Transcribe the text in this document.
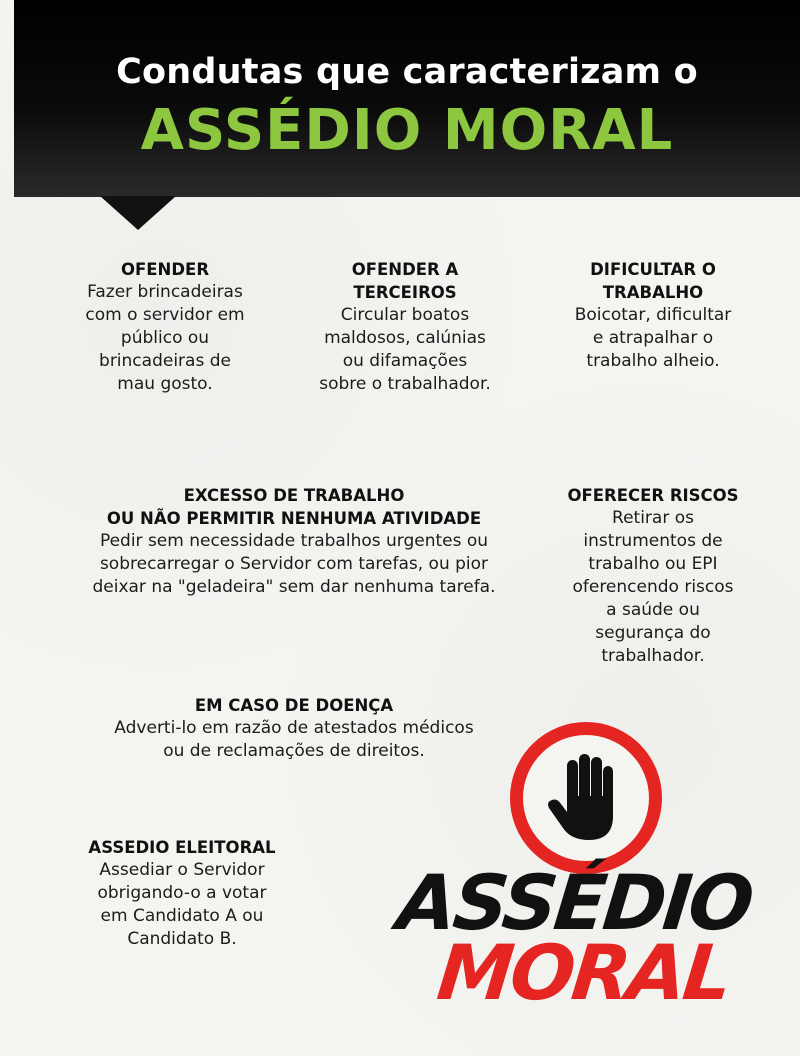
Condutas que caracterizam o
ASSÉDIO MORAL
OFENDER

Fazer brincadeiras
com o servidor em
público ou
brincadeiras de
mau gosto.

OFENDER A
TERCEIROS

Circular boatos
maldosos, calúnias
ou difamações
sobre o trabalhador.

DIFICULTAR O
TRABALHO

Boicotar, dificultar
e atrapalhar o
trabalho alheio.

EXCESSO DE TRABALHO
OU NÃO PERMITIR NENHUMA ATIVIDADE

Pedir sem necessidade trabalhos urgentes ou
sobrecarregar o Servidor com tarefas, ou pior
deixar na "geladeira" sem dar nenhuma tarefa.

OFERECER RISCOS

Retirar os
instrumentos de
trabalho ou EPI
oferencendo riscos
a saúde ou
segurança do
trabalhador.

EM CASO DE DOENÇA

Adverti-lo em razão de atestados médicos
ou de reclamações de direitos.

ASSEDIO ELEITORAL

Assediar o Servidor
obrigando-o a votar
em Candidato A ou
Candidato B.	ASSÉDIO
MORAL
